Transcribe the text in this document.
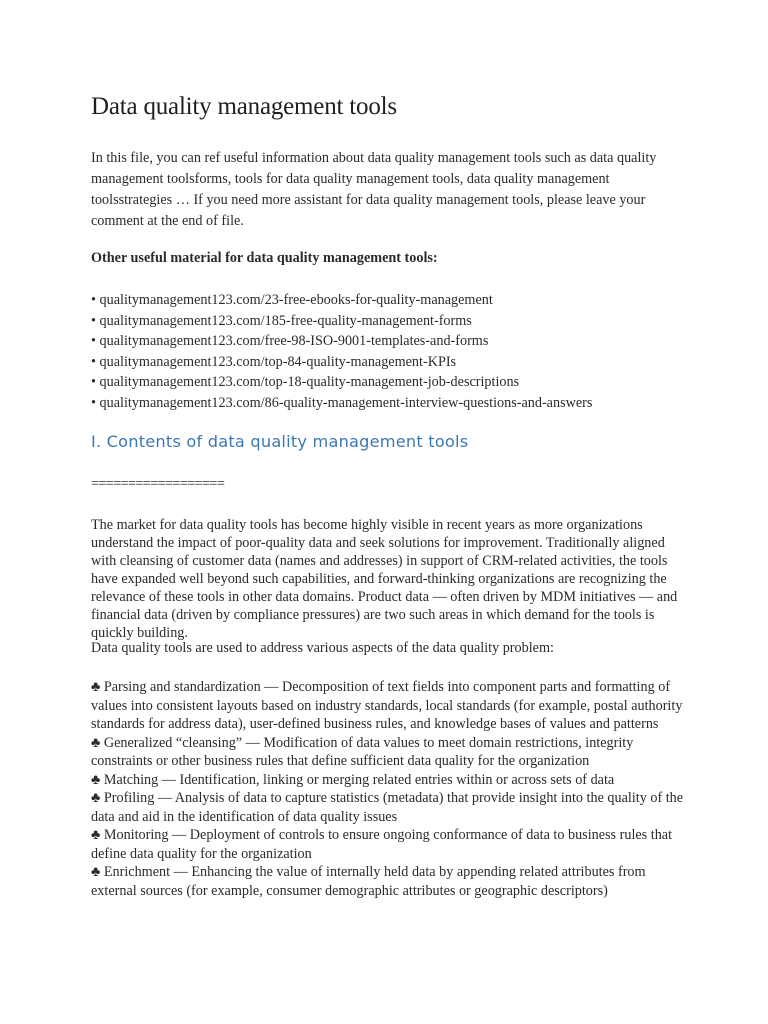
Data quality management tools

In this file, you can ref useful information about data quality management tools such as data quality management toolsforms, tools for data quality management tools, data quality management toolsstrategies … If you need more assistant for data quality management tools, please leave your comment at the end of file.

Other useful material for data quality management tools:

• qualitymanagement123.com/23-free-ebooks-for-quality-management
• qualitymanagement123.com/185-free-quality-management-forms
• qualitymanagement123.com/free-98-ISO-9001-templates-and-forms
• qualitymanagement123.com/top-84-quality-management-KPIs
• qualitymanagement123.com/top-18-quality-management-job-descriptions
• qualitymanagement123.com/86-quality-management-interview-questions-and-answers
I. Contents of data quality management tools

==================

The market for data quality tools has become highly visible in recent years as more organizations understand the impact of poor-quality data and seek solutions for improvement. Traditionally aligned with cleansing of customer data (names and addresses) in support of CRM-related activities, the tools have expanded well beyond such capabilities, and forward-thinking organizations are recognizing the relevance of these tools in other data domains. Product data — often driven by MDM initiatives — and financial data (driven by compliance pressures) are two such areas in which demand for the tools is quickly building.

Data quality tools are used to address various aspects of the data quality problem:

♣ Parsing and standardization — Decomposition of text fields into component parts and formatting of values into consistent layouts based on industry standards, local standards (for example, postal authority standards for address data), user-defined business rules, and knowledge bases of values and patterns
♣ Generalized “cleansing” — Modification of data values to meet domain restrictions, integrity constraints or other business rules that define sufficient data quality for the organization
♣ Matching — Identification, linking or merging related entries within or across sets of data
♣ Profiling — Analysis of data to capture statistics (metadata) that provide insight into the quality of the data and aid in the identification of data quality issues
♣ Monitoring — Deployment of controls to ensure ongoing conformance of data to business rules that define data quality for the organization
♣ Enrichment — Enhancing the value of internally held data by appending related attributes from external sources (for example, consumer demographic attributes or geographic descriptors)
